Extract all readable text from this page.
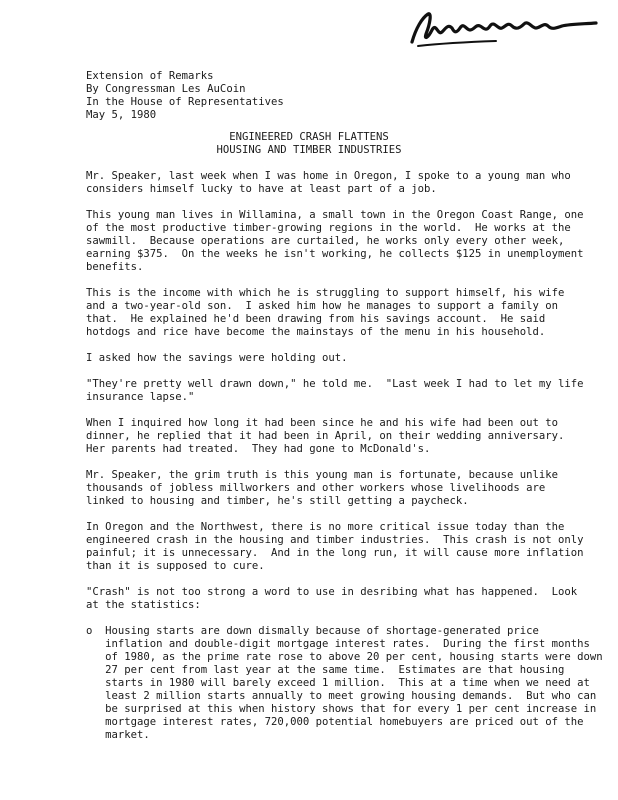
Extension of Remarks
By Congressman Les AuCoin
In the House of Representatives
May 5, 1980
ENGINEERED CRASH FLATTENS
HOUSING AND TIMBER INDUSTRIES
Mr. Speaker, last week when I was home in Oregon, I spoke to a young man who
considers himself lucky to have at least part of a job.
This young man lives in Willamina, a small town in the Oregon Coast Range, one
of the most productive timber-growing regions in the world.  He works at the
sawmill.  Because operations are curtailed, he works only every other week,
earning $375.  On the weeks he isn't working, he collects $125 in unemployment
benefits.
This is the income with which he is struggling to support himself, his wife
and a two-year-old son.  I asked him how he manages to support a family on
that.  He explained he'd been drawing from his savings account.  He said
hotdogs and rice have become the mainstays of the menu in his household.
I asked how the savings were holding out.
"They're pretty well drawn down," he told me.  "Last week I had to let my life
insurance lapse."
When I inquired how long it had been since he and his wife had been out to
dinner, he replied that it had been in April, on their wedding anniversary.
Her parents had treated.  They had gone to McDonald's.
Mr. Speaker, the grim truth is this young man is fortunate, because unlike
thousands of jobless millworkers and other workers whose livelihoods are
linked to housing and timber, he's still getting a paycheck.
In Oregon and the Northwest, there is no more critical issue today than the
engineered crash in the housing and timber industries.  This crash is not only
painful; it is unnecessary.  And in the long run, it will cause more inflation
than it is supposed to cure.
"Crash" is not too strong a word to use in desribing what has happened.  Look
at the statistics:
o  Housing starts are down dismally because of shortage-generated price
inflation and double-digit mortgage interest rates.  During the first months
of 1980, as the prime rate rose to above 20 per cent, housing starts were down
27 per cent from last year at the same time.  Estimates are that housing
starts in 1980 will barely exceed 1 million.  This at a time when we need at
least 2 million starts annually to meet growing housing demands.  But who can
be surprised at this when history shows that for every 1 per cent increase in
mortgage interest rates, 720,000 potential homebuyers are priced out of the
market.
